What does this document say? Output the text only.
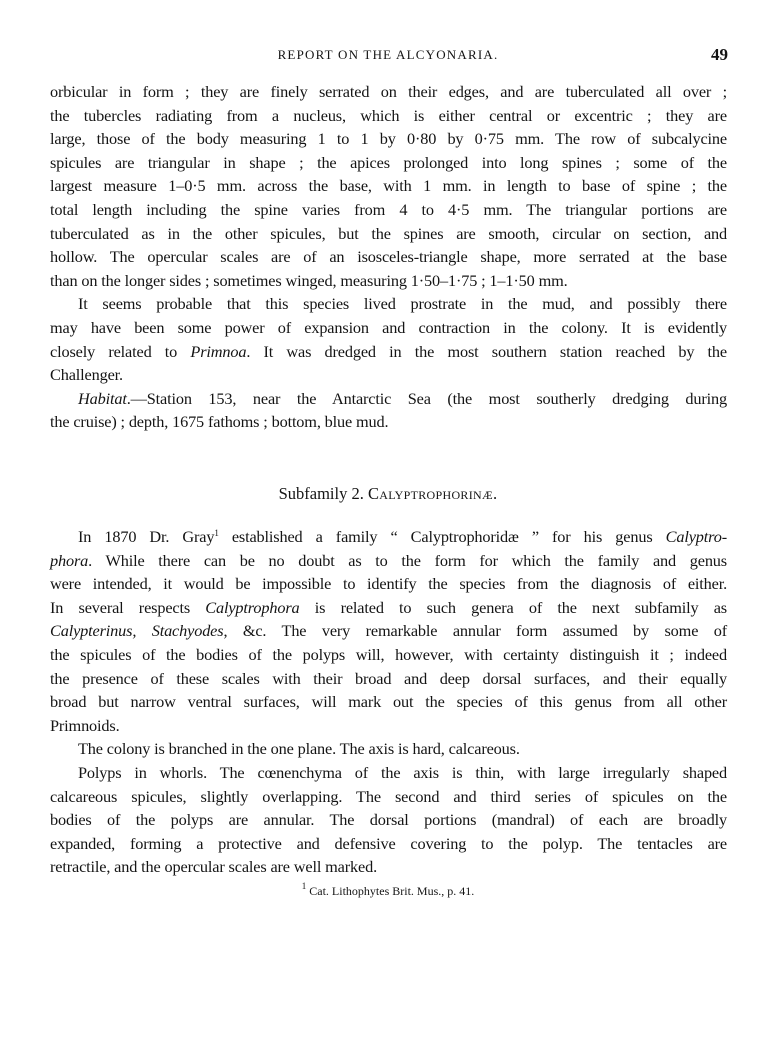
REPORT ON THE ALCYONARIA.	49
orbicular in form ; they are finely serrated on their edges, and are tuberculated all over ;
the tubercles radiating from a nucleus, which is either central or excentric ; they are
large, those of the body measuring 1 to 1 by 0·80 by 0·75 mm. The row of subcalycine
spicules are triangular in shape ; the apices prolonged into long spines ; some of the
largest measure 1–0·5 mm. across the base, with 1 mm. in length to base of spine ; the
total length including the spine varies from 4 to 4·5 mm. The triangular portions are
tuberculated as in the other spicules, but the spines are smooth, circular on section, and
hollow. The opercular scales are of an isosceles-triangle shape, more serrated at the base
than on the longer sides ; sometimes winged, measuring 1·50–1·75 ; 1–1·50 mm.
It seems probable that this species lived prostrate in the mud, and possibly there
may have been some power of expansion and contraction in the colony. It is evidently
closely related to Primnoa. It was dredged in the most southern station reached by the
Challenger.
Habitat.—Station 153, near the Antarctic Sea (the most southerly dredging during
the cruise) ; depth, 1675 fathoms ; bottom, blue mud.
Subfamily 2. Calyptrophorinæ.
In 1870 Dr. Gray$^1$ established a family “ Calyptrophoridæ ” for his genus Calyptro-
phora. While there can be no doubt as to the form for which the family and genus
were intended, it would be impossible to identify the species from the diagnosis of either.
In several respects Calyptrophora is related to such genera of the next subfamily as
Calypterinus, Stachyodes, &c. The very remarkable annular form assumed by some of
the spicules of the bodies of the polyps will, however, with certainty distinguish it ; indeed
the presence of these scales with their broad and deep dorsal surfaces, and their equally
broad but narrow ventral surfaces, will mark out the species of this genus from all other
Primnoids.
The colony is branched in the one plane. The axis is hard, calcareous.
Polyps in whorls. The cœnenchyma of the axis is thin, with large irregularly shaped
calcareous spicules, slightly overlapping. The second and third series of spicules on the
bodies of the polyps are annular. The dorsal portions (mandral) of each are broadly
expanded, forming a protective and defensive covering to the polyp. The tentacles are
retractile, and the opercular scales are well marked.
$^1$ Cat. Lithophytes Brit. Mus., p. 41.
